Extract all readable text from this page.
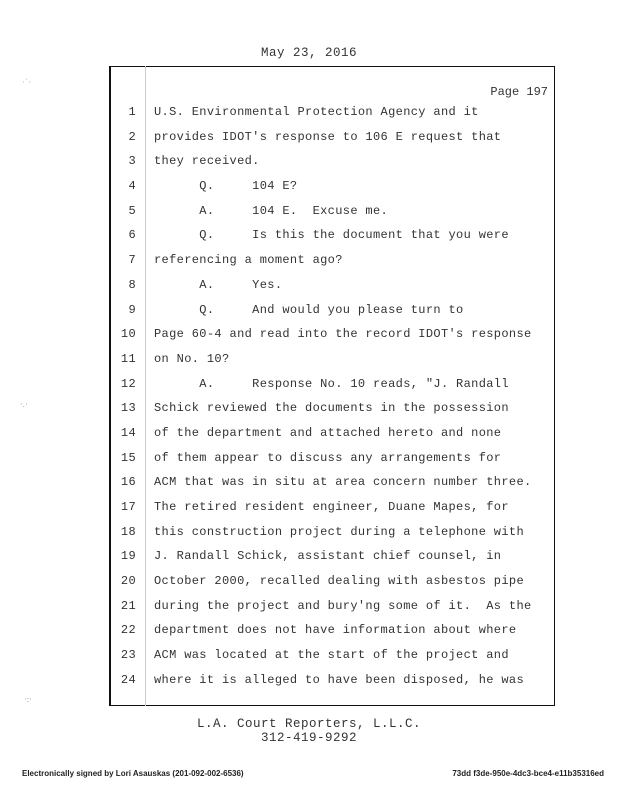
May 23, 2016
Page 197
1 U.S. Environmental Protection Agency and it
2 provides IDOT's response to 106 E request that
3 they received.
4 Q.     104 E?
5 A.     104 E.  Excuse me.
6 Q.     Is this the document that you were
7 referencing a moment ago?
8 A.     Yes.
9 Q.     And would you please turn to
10 Page 60-4 and read into the record IDOT's response
11 on No. 10?
12 A.     Response No. 10 reads, "J. Randall
13 Schick reviewed the documents in the possession
14 of the department and attached hereto and none
15 of them appear to discuss any arrangements for
16 ACM that was in situ at area concern number three.
17 The retired resident engineer, Duane Mapes, for
18 this construction project during a telephone with
19 J. Randall Schick, assistant chief counsel, in
20 October 2000, recalled dealing with asbestos pipe
21 during the project and bury'ng some of it.  As the
22 department does not have information about where
23 ACM was located at the start of the project and
24 where it is alleged to have been disposed, he was
L.A. Court Reporters, L.L.C.
312-419-9292
Electronically signed by Lori Asauskas (201-092-002-6536)	73dd f3de-950e-4dc3-bce4-e11b35316ed
·˙·
·.·
·:·
